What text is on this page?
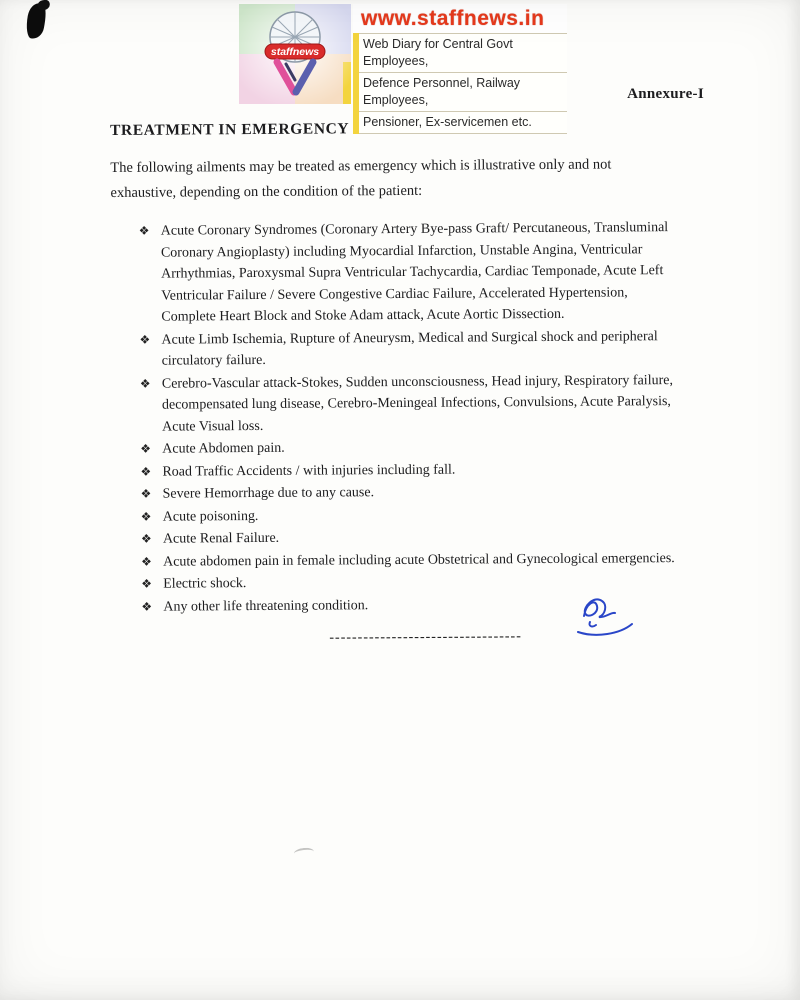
staffnews
www.staffnews.in
Web Diary for Central Govt Employees,
Defence Personnel, Railway Employees,
Pensioner, Ex-servicemen etc.
Annexure-I
TREATMENT IN EMERGENCY

The following ailments may be treated as emergency which is illustrative only and not exhaustive, depending on the condition of the patient:

❖ Acute Coronary Syndromes (Coronary Artery Bye-pass Graft/ Percutaneous, Transluminal Coronary Angioplasty) including Myocardial Infarction, Unstable Angina, Ventricular Arrhythmias, Paroxysmal Supra Ventricular Tachycardia, Cardiac Temponade, Acute Left Ventricular Failure / Severe Congestive Cardiac Failure, Accelerated Hypertension, Complete Heart Block and Stoke Adam attack, Acute Aortic Dissection.
❖ Acute Limb Ischemia, Rupture of Aneurysm, Medical and Surgical shock and peripheral circulatory failure.
❖ Cerebro-Vascular attack-Stokes, Sudden unconsciousness, Head injury, Respiratory failure, decompensated lung disease, Cerebro-Meningeal Infections, Convulsions, Acute Paralysis, Acute Visual loss.
❖ Acute Abdomen pain.
❖ Road Traffic Accidents / with injuries including fall.
❖ Severe Hemorrhage due to any cause.
❖ Acute poisoning.
❖ Acute Renal Failure.
❖ Acute abdomen pain in female including acute Obstetrical and Gynecological emergencies.
❖ Electric shock.
❖ Any other life threatening condition.
----------------------------------
